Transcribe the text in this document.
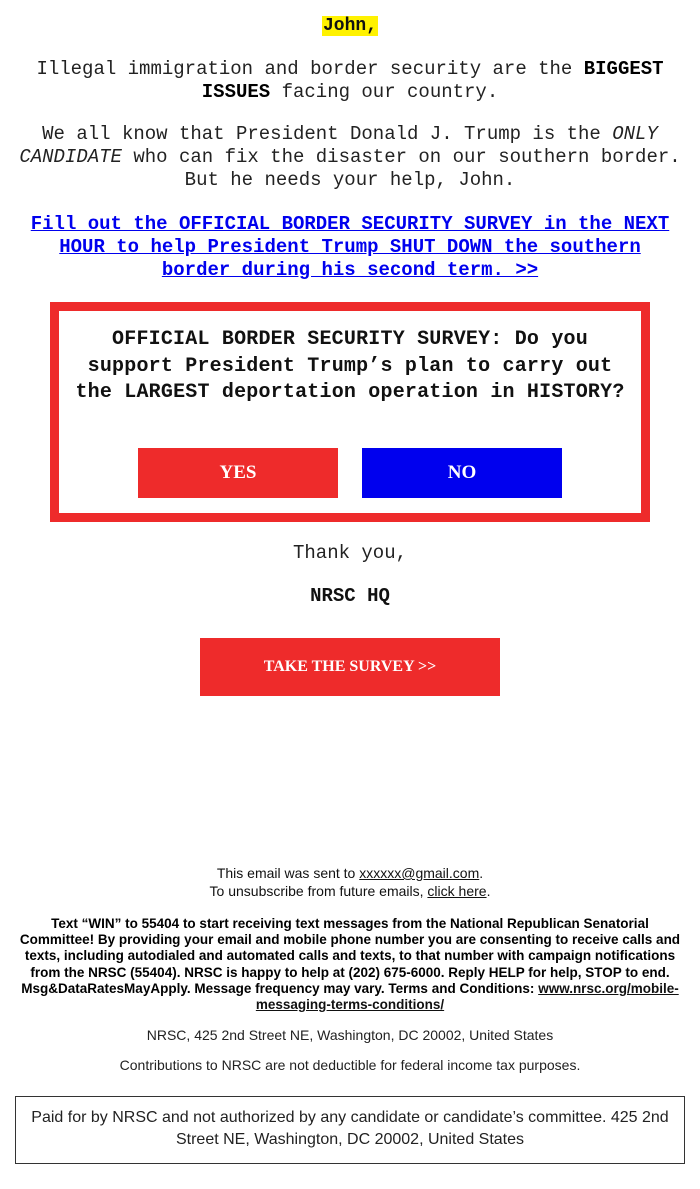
John,
Illegal immigration and border security are the BIGGEST ISSUES facing our country.
We all know that President Donald J. Trump is the ONLY CANDIDATE who can fix the disaster on our southern border. But he needs your help, John.
Fill out the OFFICIAL BORDER SECURITY SURVEY in the NEXT HOUR to help President Trump SHUT DOWN the southern border during his second term. >>
OFFICIAL BORDER SECURITY SURVEY: Do you support President Trump’s plan to carry out the LARGEST deportation operation in HISTORY?
YES	NO
Thank you,
NRSC HQ
TAKE THE SURVEY >>
This email was sent to xxxxxx@gmail.com.
To unsubscribe from future emails, click here.
Text “WIN” to 55404 to start receiving text messages from the National Republican Senatorial Committee! By providing your email and mobile phone number you are consenting to receive calls and texts, including autodialed and automated calls and texts, to that number with campaign notifications from the NRSC (55404). NRSC is happy to help at (202) 675-6000. Reply HELP for help, STOP to end. Msg&DataRatesMayApply. Message frequency may vary. Terms and Conditions: www.nrsc.org/mobile-messaging-terms-conditions/
NRSC, 425 2nd Street NE, Washington, DC 20002, United States
Contributions to NRSC are not deductible for federal income tax purposes.
Paid for by NRSC and not authorized by any candidate or candidate’s committee. 425 2nd Street NE, Washington, DC 20002, United States
